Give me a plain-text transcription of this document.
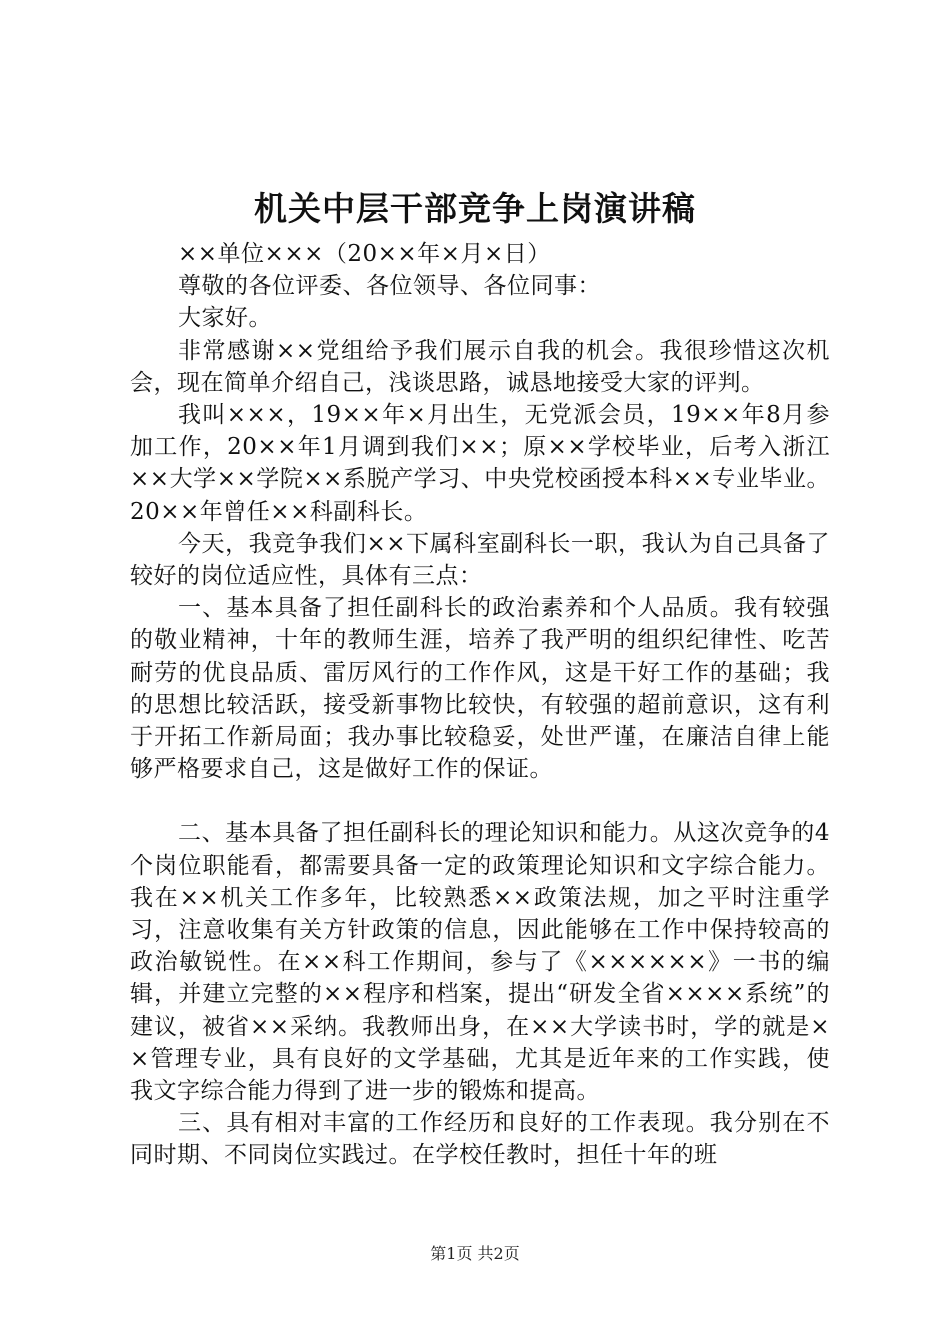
机关中层干部竞争上岗演讲稿

××单位×××（20××年×月×日）

尊敬的各位评委、各位领导、各位同事：

大家好。

非常感谢××党组给予我们展示自我的机会。我很珍惜这次机会，现在简单介绍自己，浅谈思路，诚恳地接受大家的评判。

我叫×××，19××年×月出生，无党派会员，19××年8月参加工作，20××年1月调到我们××；原××学校毕业，后考入浙江××大学××学院××系脱产学习、中央党校函授本科××专业毕业。20××年曾任××科副科长。

今天，我竞争我们××下属科室副科长一职，我认为自己具备了较好的岗位适应性，具体有三点：

一、基本具备了担任副科长的政治素养和个人品质。我有较强的敬业精神，十年的教师生涯，培养了我严明的组织纪律性、吃苦耐劳的优良品质、雷厉风行的工作作风，这是干好工作的基础；我的思想比较活跃，接受新事物比较快，有较强的超前意识，这有利于开拓工作新局面；我办事比较稳妥，处世严谨，在廉洁自律上能够严格要求自己，这是做好工作的保证。

二、基本具备了担任副科长的理论知识和能力。从这次竞争的4个岗位职能看，都需要具备一定的政策理论知识和文字综合能力。我在××机关工作多年，比较熟悉××政策法规，加之平时注重学习，注意收集有关方针政策的信息，因此能够在工作中保持较高的政治敏锐性。在××科工作期间，参与了《××××××》一书的编辑，并建立完整的××程序和档案，提出“研发全省××××系统”的建议，被省××采纳。我教师出身，在××大学读书时，学的就是××管理专业，具有良好的文学基础，尤其是近年来的工作实践，使我文字综合能力得到了进一步的锻炼和提高。

三、具有相对丰富的工作经历和良好的工作表现。我分别在不同时期、不同岗位实践过。在学校任教时，担任十年的班

第1页 共2页
